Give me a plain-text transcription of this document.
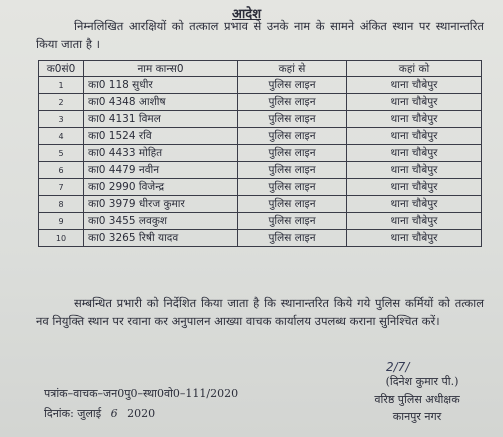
आदेश
निम्नलिखित आरक्षियों को तत्काल प्रभाव से उनके नाम के सामने अंकित स्थान पर स्थानान्तरित किया जाता है ।
क0सं0	नाम कान्स0	कहां से	कहां को
1	का0 118 सुधीर	पुलिस लाइन	थाना चौबेपुर
2	का0 4348 आशीष	पुलिस लाइन	थाना चौबेपुर
3	का0 4131 विमल	पुलिस लाइन	थाना चौबेपुर
4	का0 1524 रवि	पुलिस लाइन	थाना चौबेपुर
5	का0 4433 मोहित	पुलिस लाइन	थाना चौबेपुर
6	का0 4479 नवीन	पुलिस लाइन	थाना चौबेपुर
7	का0 2990 विजेन्द्र	पुलिस लाइन	थाना चौबेपुर
8	का0 3979 धीरज कुमार	पुलिस लाइन	थाना चौबेपुर
9	का0 3455 लवकुश	पुलिस लाइन	थाना चौबेपुर
10	का0 3265 रिषी यादव	पुलिस लाइन	थाना चौबेपुर
सम्बन्धित प्रभारी को निर्देशित किया जाता है कि स्थानान्तरित किये गये पुलिस कर्मियों को तत्काल नव नियुक्ति स्थान पर रवाना कर अनुपालन आख्या वाचक कार्यालय उपलब्ध कराना सुनिश्चित करें।
पत्रांक–वाचक–जन0पु0–स्था0वो0–111/2020
दिनांक: जुलाई 6 2020
2/7/
(दिनेश कुमार पी.)
वरिष्ठ पुलिस अधीक्षक
कानपुर नगर
